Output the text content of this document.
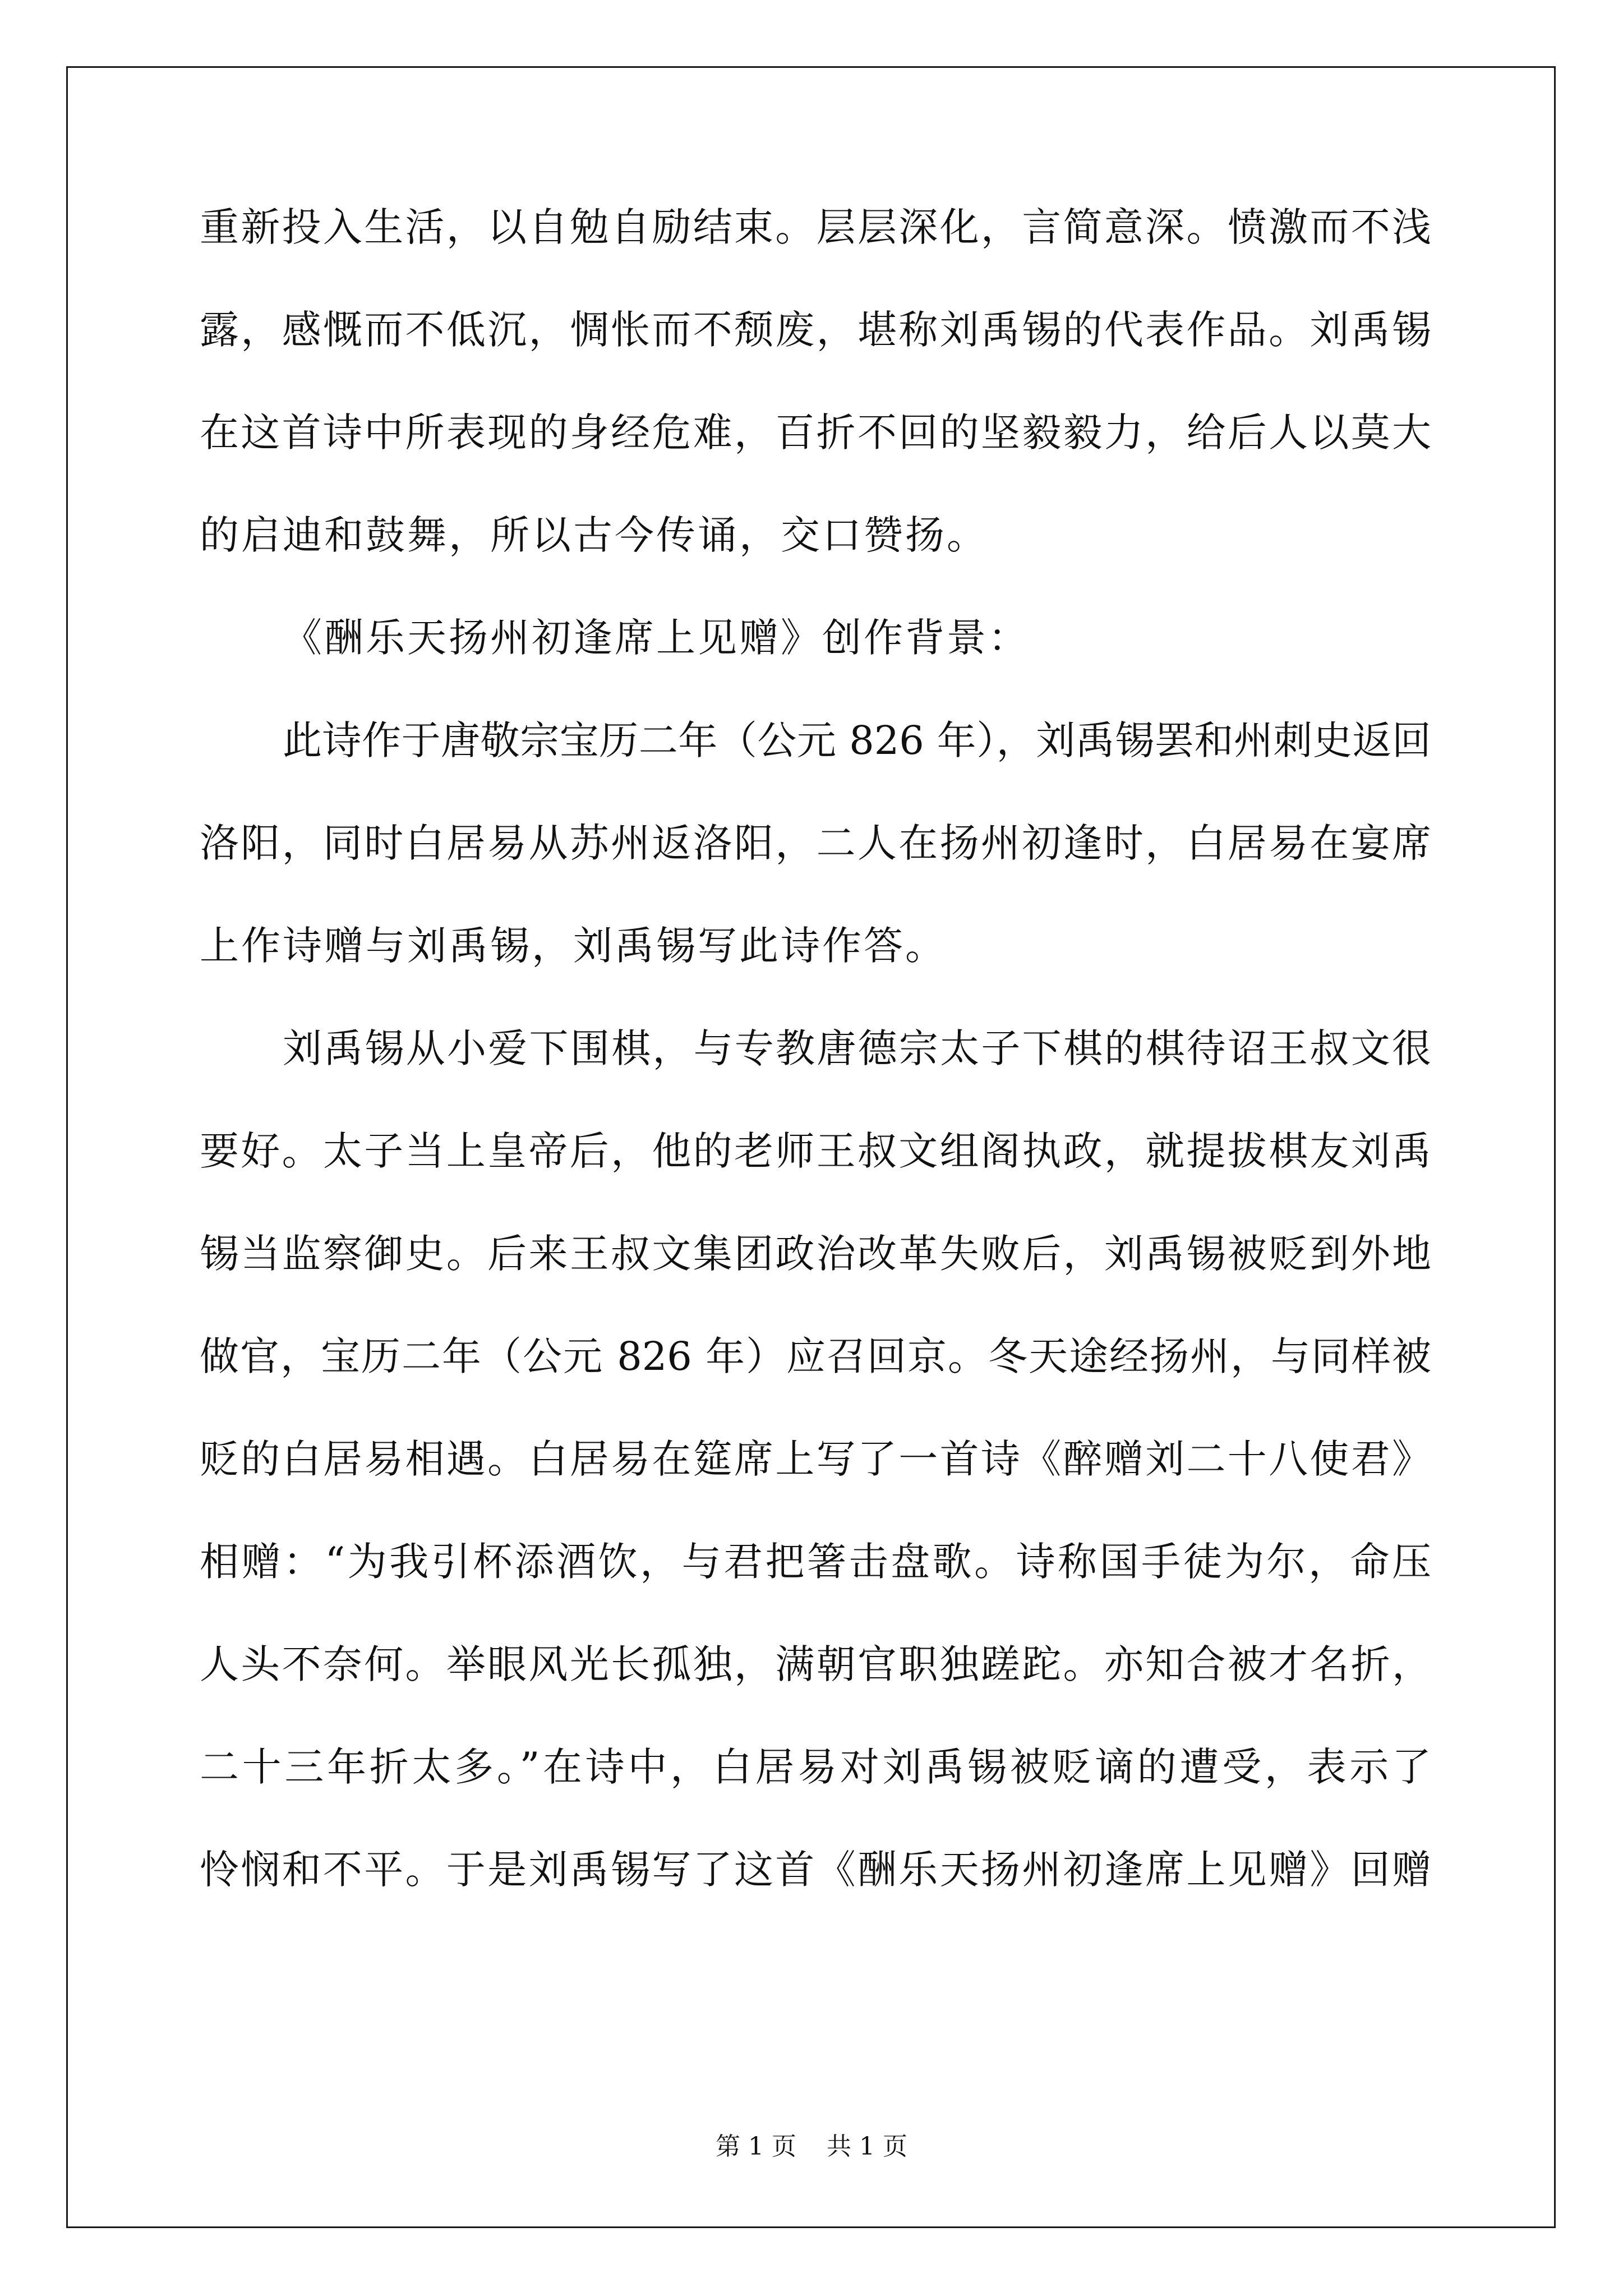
重新投入生活，以自勉自励结束。层层深化，言简意深。愤激而不浅
露，感慨而不低沉，惆怅而不颓废，堪称刘禹锡的代表作品。刘禹锡
在这首诗中所表现的身经危难，百折不回的坚毅毅力，给后人以莫大
的启迪和鼓舞，所以古今传诵，交口赞扬。
《酬乐天扬州初逢席上见赠》创作背景：
此诗作于唐敬宗宝历二年（公元 826 年），刘禹锡罢和州刺史返回
洛阳，同时白居易从苏州返洛阳，二人在扬州初逢时，白居易在宴席
上作诗赠与刘禹锡，刘禹锡写此诗作答。
刘禹锡从小爱下围棋，与专教唐德宗太子下棋的棋待诏王叔文很
要好。太子当上皇帝后，他的老师王叔文组阁执政，就提拔棋友刘禹
锡当监察御史。后来王叔文集团政治改革失败后，刘禹锡被贬到外地
做官，宝历二年（公元 826 年）应召回京。冬天途经扬州，与同样被
贬的白居易相遇。白居易在筵席上写了一首诗《醉赠刘二十八使君》
相赠：“为我引杯添酒饮，与君把箸击盘歌。诗称国手徒为尔，命压
人头不奈何。举眼风光长孤独，满朝官职独蹉跎。亦知合被才名折，
二十三年折太多。”在诗中，白居易对刘禹锡被贬谪的遭受，表示了
怜悯和不平。于是刘禹锡写了这首《酬乐天扬州初逢席上见赠》回赠
第 1 页 共 1 页
